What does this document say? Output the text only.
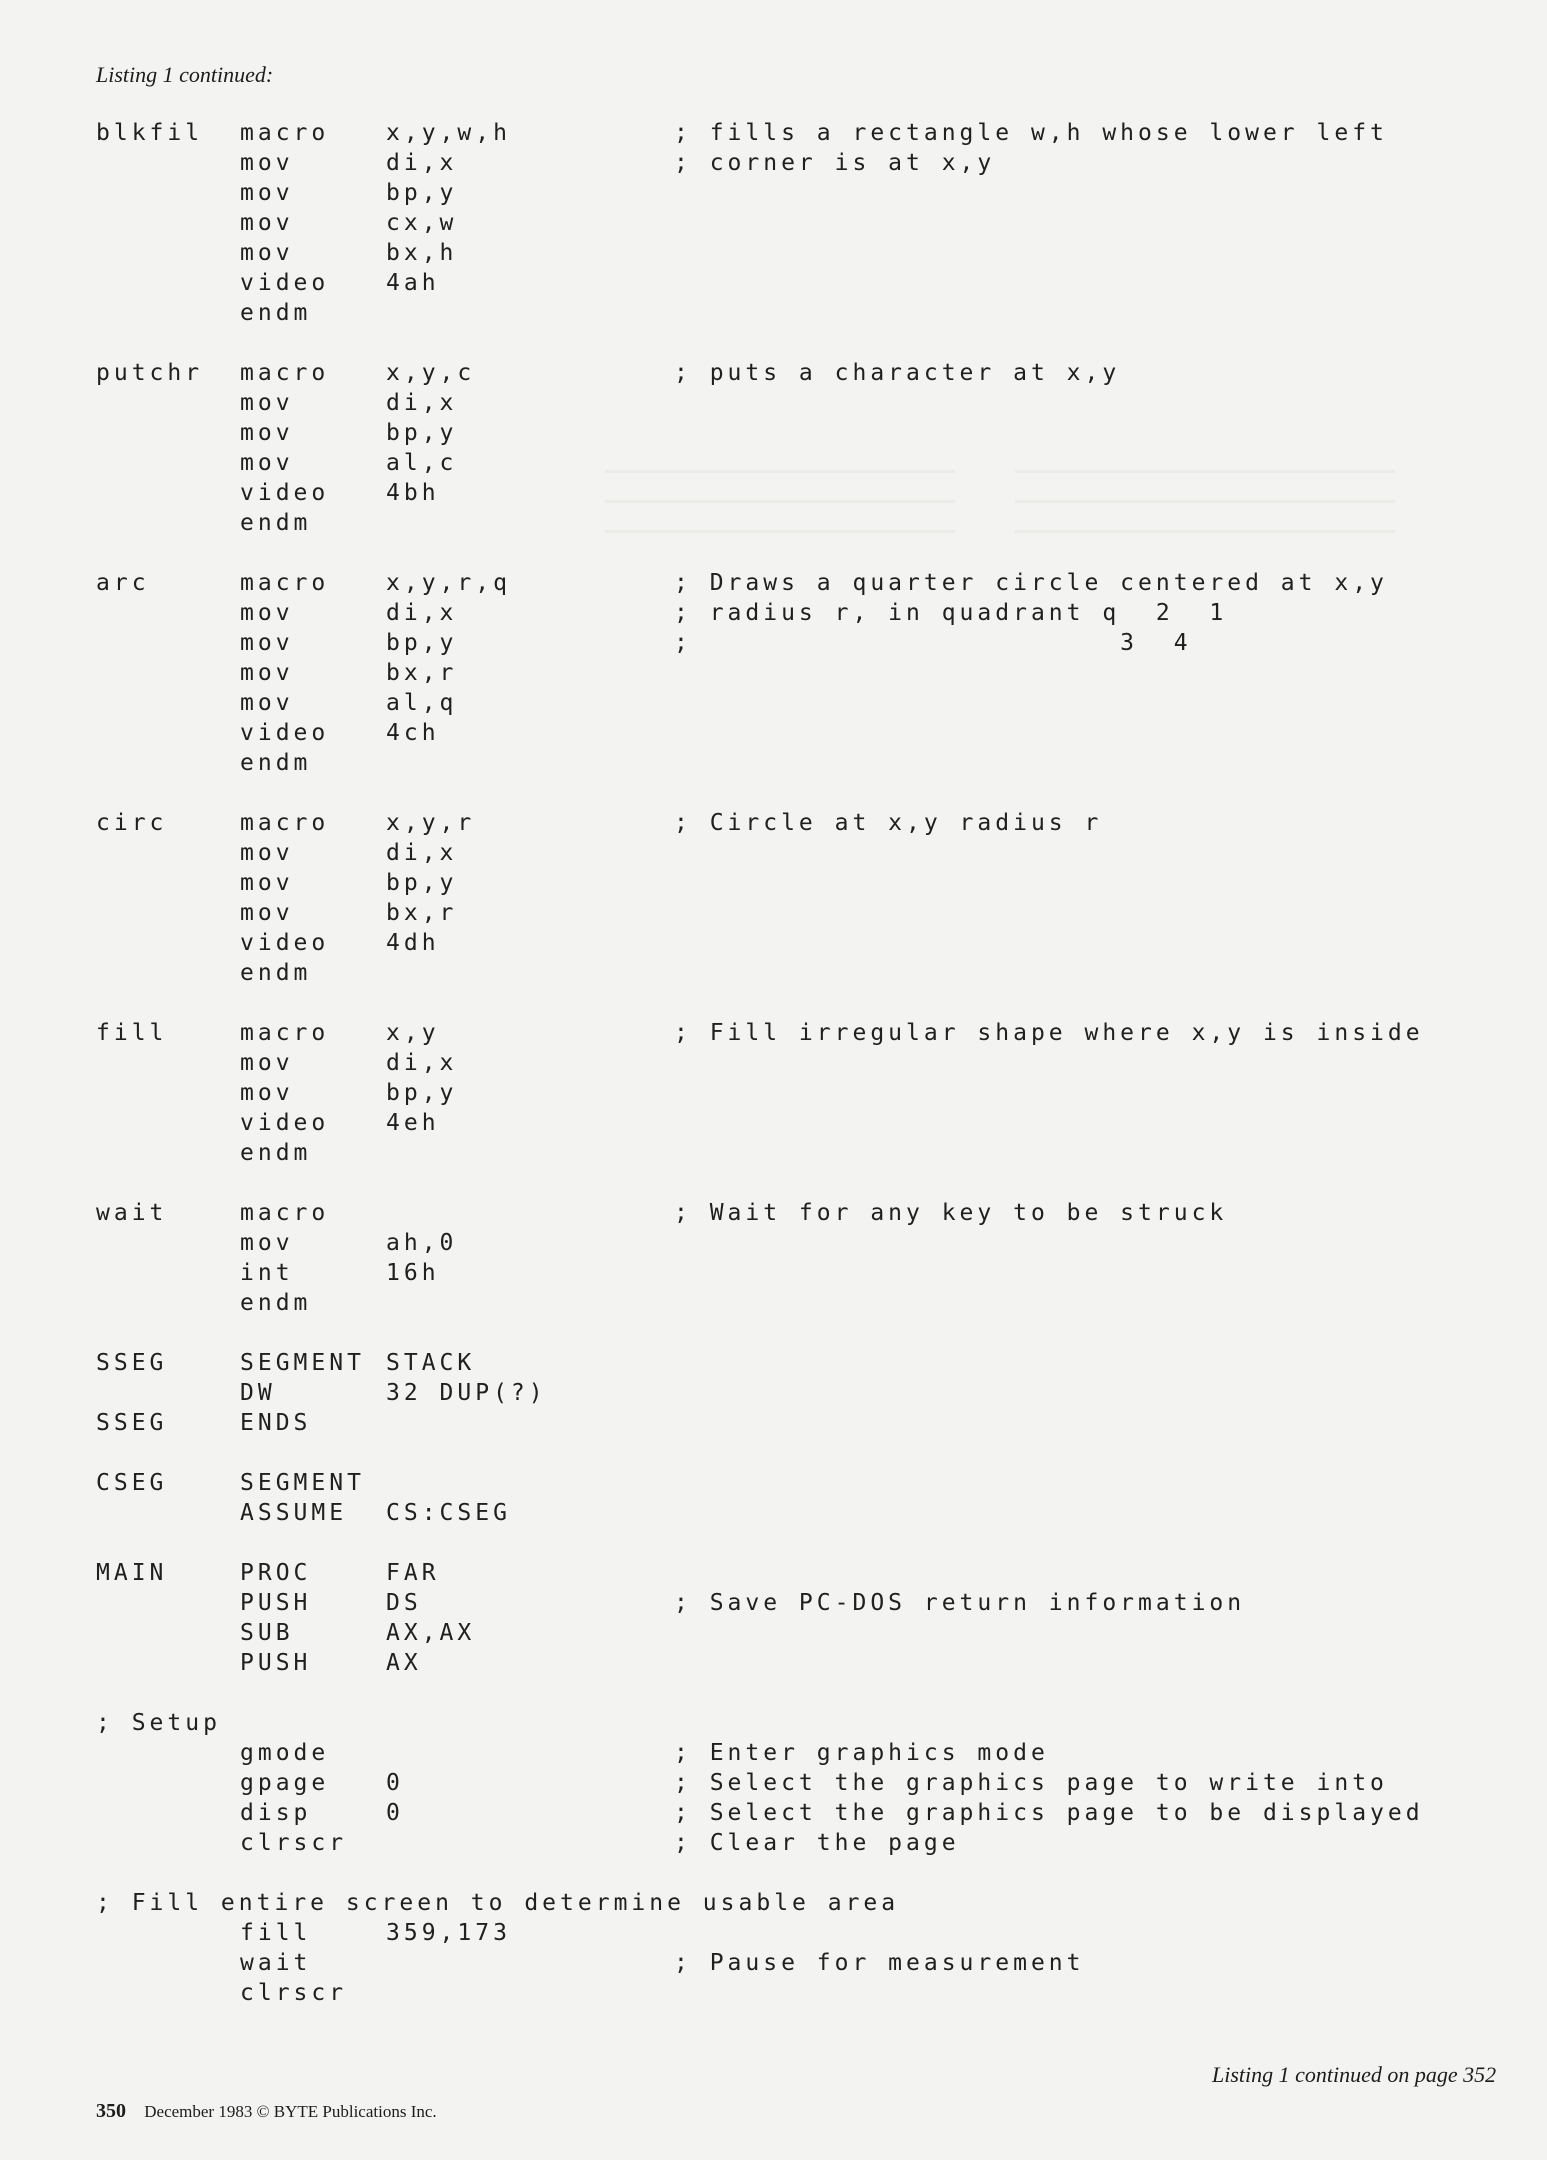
Listing 1 continued:
blkfil macro x,y,w,h	; fills a rectangle w,h whose lower left
mov	di,x	; corner is at x,y
mov	bp,y
mov	cx,w
mov	bx,h
video 4ah
endm
putchr macro x,y,c	; puts a character at x,y
mov	di,x
mov	bp,y
mov	al,c
video 4bh
endm
arc	macro x,y,r,q	; Draws a quarter circle centered at x,y
mov	di,x	; radius r, in quadrant q  2  1
mov	bp,y	;                        3  4
mov	bx,r
mov	al,q
video 4ch
endm
circ	macro x,y,r	; Circle at x,y radius r
mov	di,x
mov	bp,y
mov	bx,r
video 4dh
endm
fill	macro x,y	; Fill irregular shape where x,y is inside
mov	di,x
mov	bp,y
video 4eh
endm
wait	macro	; Wait for any key to be struck
mov	ah,0
int	16h
endm
SSEG	SEGMENT STACK
DW	32 DUP(?)
SSEG	ENDS
CSEG	SEGMENT
ASSUME CS:CSEG
MAIN	PROC	FAR
PUSH	DS	; Save PC-DOS return information
SUB	AX,AX
PUSH	AX
; Setup
gmode	; Enter graphics mode
gpage 0	; Select the graphics page to write into
disp	0	; Select the graphics page to be displayed
clrscr	; Clear the page
; Fill entire screen to determine usable area
fill	359,173
wait	; Pause for measurement
clrscr
Listing 1 continued on page 352
350 December 1983 © BYTE Publications Inc.
